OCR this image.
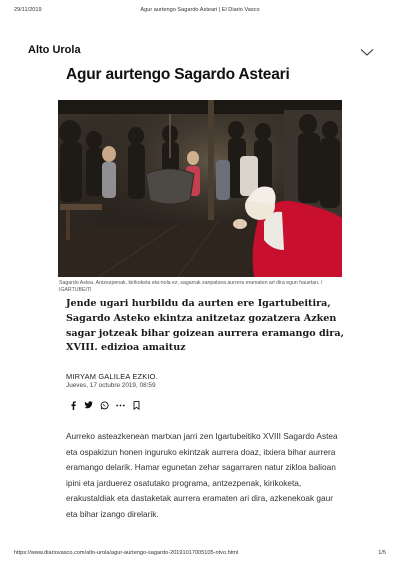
29/11/2019	Agur aurtengo Sagardo Asteari | El Diario Vasco
Alto Urola
Agur aurtengo Sagardo Asteari
Sagardo Astea. Antzezpenak, kirikoketa eta-nola ez, sagarrak zanpatzea aurrera eramaten ari dira egun hauetan. / IGARTUBEITI
Jende ugari hurbildu da aurten ere Igartubeitira, Sagardo Asteko ekintza anitzetaz gozatzera Azken sagar jotzeak bihar goizean aurrera eramango dira, XVIII. edizioa amaituz
MIRYAM GALILEA EZKIO.
Jueves, 17 octubre 2019, 08:59

Aurreko asteazkenean martxan jarri zen Igartubeitiko XVIII Sagardo Astea eta ospakizun honen inguruko ekintzak aurrera doaz, itxiera bihar aurrera eramango delarik. Hamar egunetan zehar sagarraren natur zikloa balioan ipini eta jarduerez osatutako programa, antzezpenak, kirikoketa, erakustaldiak eta dastaketak aurrera eramaten ari dira, azkenekoak gaur eta bihar izango direlarik.

https://www.diariovasco.com/alto-urola/agur-aurtengo-sagardo-20191017005105-ntvo.html	1/5
